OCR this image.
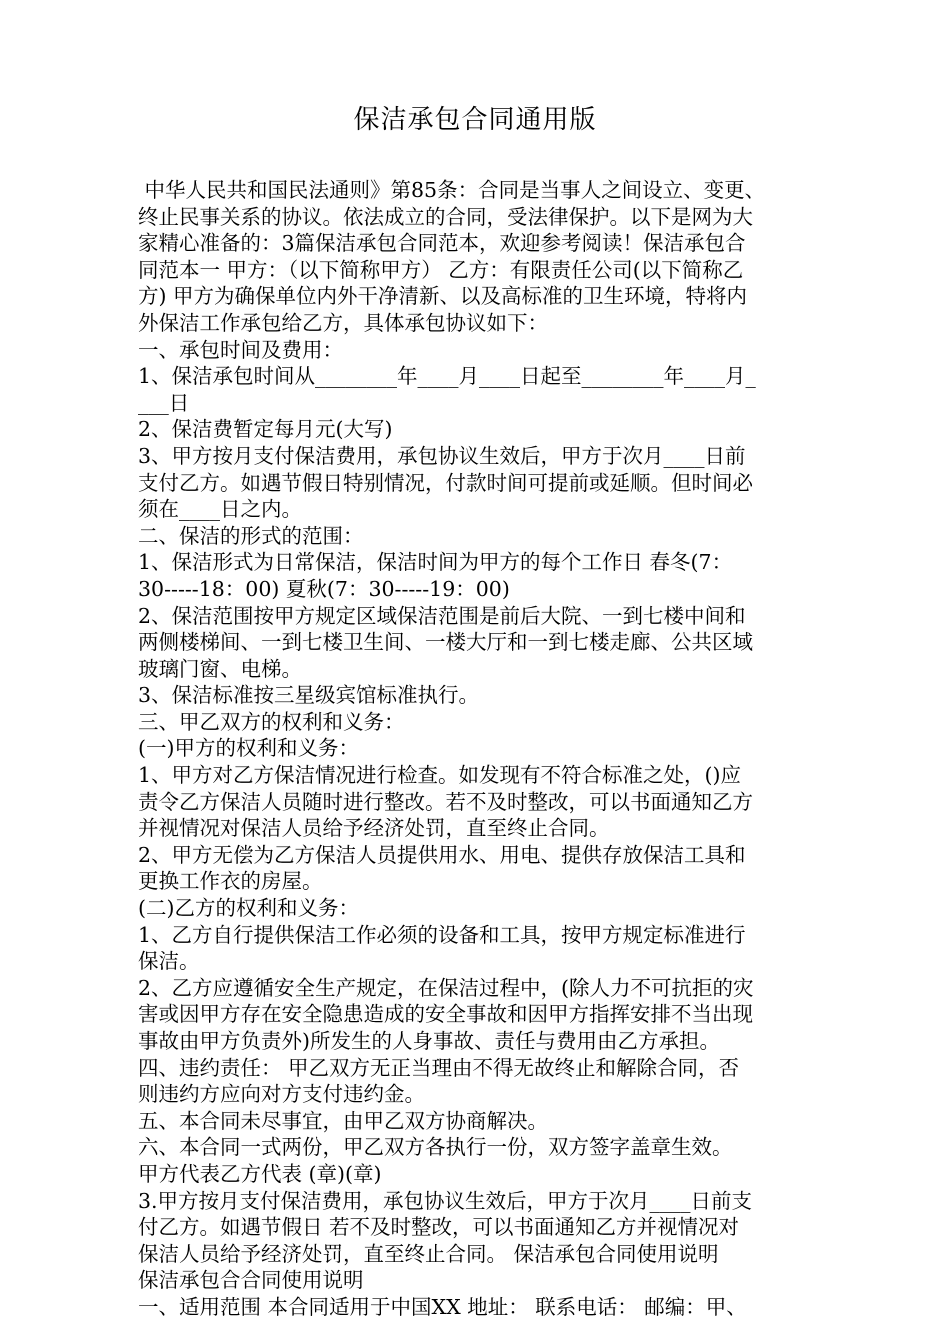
保洁承包合同通用版
中华人民共和国民法通则》第85条：合同是当事人之间设立、变更、
终止民事关系的协议。依法成立的合同，受法律保护。以下是网为大
家精心准备的：3篇保洁承包合同范本，欢迎参考阅读！保洁承包合
同范本一 甲方：（以下简称甲方） 乙方：有限责任公司(以下简称乙
方) 甲方为确保单位内外干净清新、以及高标准的卫生环境，特将内
外保洁工作承包给乙方，具体承包协议如下：
一、承包时间及费用：
1、保洁承包时间从________年____月____日起至________年____月_
___日
2、保洁费暂定每月元(大写)
3、甲方按月支付保洁费用，承包协议生效后，甲方于次月____日前
支付乙方。如遇节假日特别情况，付款时间可提前或延顺。但时间必
须在____日之内。
二、保洁的形式的范围：
1、保洁形式为日常保洁，保洁时间为甲方的每个工作日 春冬(7：
30-----18：00) 夏秋(7：30-----19：00)
2、保洁范围按甲方规定区域保洁范围是前后大院、一到七楼中间和
两侧楼梯间、一到七楼卫生间、一楼大厅和一到七楼走廊、公共区域
玻璃门窗、电梯。
3、保洁标准按三星级宾馆标准执行。
三、甲乙双方的权利和义务：
(一)甲方的权利和义务：
1、甲方对乙方保洁情况进行检查。如发现有不符合标准之处，()应
责令乙方保洁人员随时进行整改。若不及时整改，可以书面通知乙方
并视情况对保洁人员给予经济处罚，直至终止合同。
2、甲方无偿为乙方保洁人员提供用水、用电、提供存放保洁工具和
更换工作衣的房屋。
(二)乙方的权利和义务：
1、乙方自行提供保洁工作必须的设备和工具，按甲方规定标准进行
保洁。
2、乙方应遵循安全生产规定，在保洁过程中，(除人力不可抗拒的灾
害或因甲方存在安全隐患造成的安全事故和因甲方指挥安排不当出现
事故由甲方负责外)所发生的人身事故、责任与费用由乙方承担。
四、违约责任： 甲乙双方无正当理由不得无故终止和解除合同，否
则违约方应向对方支付违约金。
五、本合同未尽事宜，由甲乙双方协商解决。
六、本合同一式两份，甲乙双方各执行一份，双方签字盖章生效。
甲方代表乙方代表 (章)(章)
3.甲方按月支付保洁费用，承包协议生效后，甲方于次月____日前支
付乙方。如遇节假日 若不及时整改，可以书面通知乙方并视情况对
保洁人员给予经济处罚，直至终止合同。 保洁承包合同使用说明
保洁承包合合同使用说明
一、适用范围 本合同适用于中国XX 地址： 联系电话： 邮编：甲、
